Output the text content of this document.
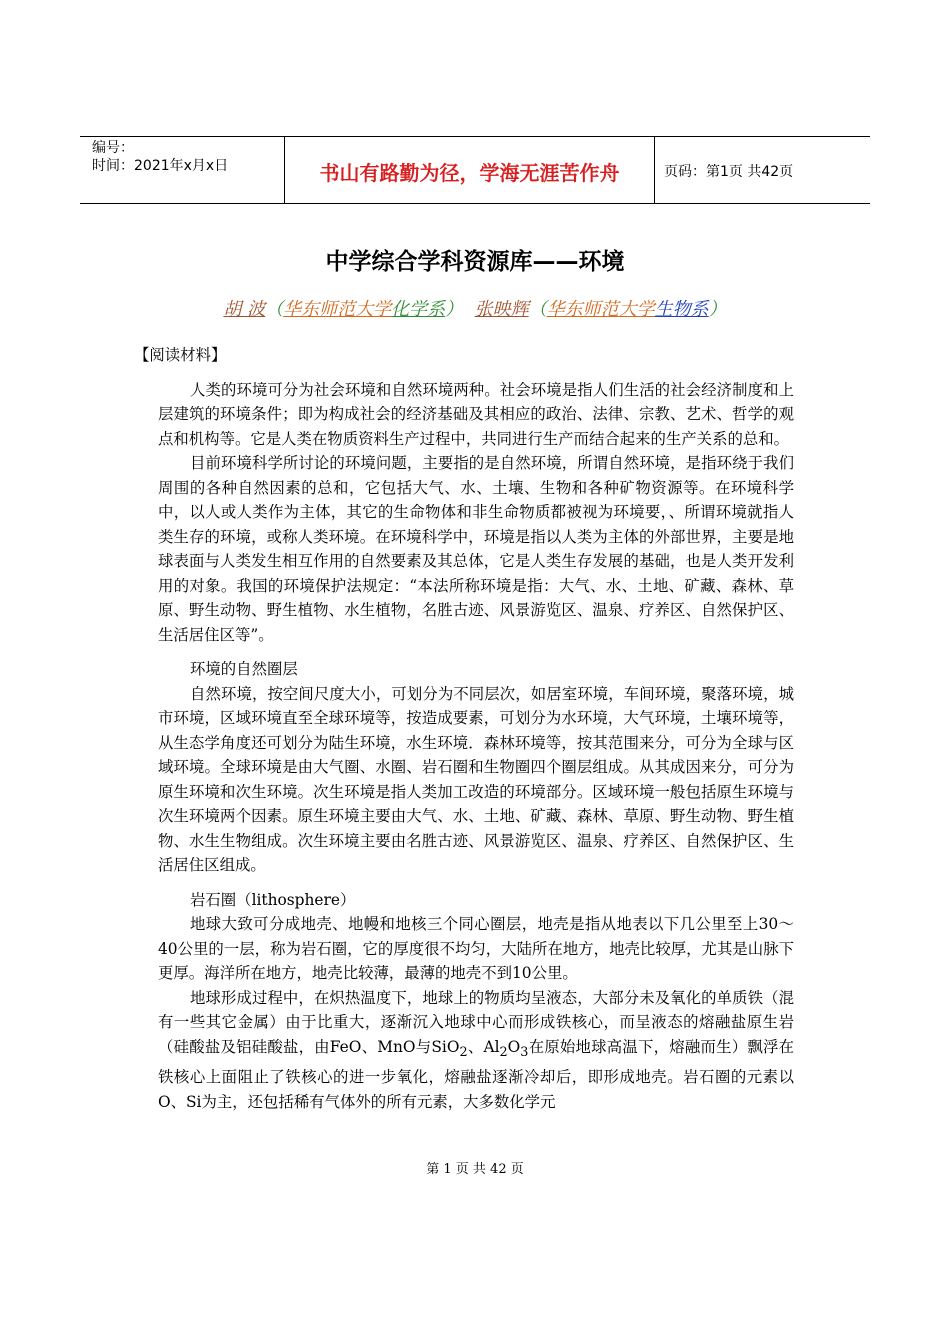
编号：
时间：2021年x月x日	书山有路勤为径，学海无涯苦作舟	页码：第1页 共42页
中学综合学科资源库——环境
胡 波（华东师范大学化学系） 张映辉（华东师范大学生物系）

【阅读材料】

人类的环境可分为社会环境和自然环境两种。社会环境是指人们生活的社会经济制度和上层建筑的环境条件；即为构成社会的经济基础及其相应的政治、法律、宗教、艺术、哲学的观点和机构等。它是人类在物质资料生产过程中，共同进行生产而结合起来的生产关系的总和。

目前环境科学所讨论的环境问题，主要指的是自然环境，所谓自然环境，是指环绕于我们周围的各种自然因素的总和，它包括大气、水、土壤、生物和各种矿物资源等。在环境科学中，以人或人类作为主体，其它的生命物体和非生命物质都被视为环境要，、所谓环境就指人类生存的环境，或称人类环境。在环境科学中，环境是指以人类为主体的外部世界，主要是地球表面与人类发生相互作用的自然要素及其总体，它是人类生存发展的基础，也是人类开发利用的对象。我国的环境保护法规定：“本法所称环境是指：大气、水、土地、矿藏、森林、草原、野生动物、野生植物、水生植物，名胜古迹、风景游览区、温泉、疗养区、自然保护区、生活居住区等”。

环境的自然圈层

自然环境，按空间尺度大小，可划分为不同层次，如居室环境，车间环境，聚落环境，城市环境，区域环境直至全球环境等，按造成要素，可划分为水环境，大气环境，土壤环境等，从生态学角度还可划分为陆生环境，水生环境．森林环境等，按其范围来分，可分为全球与区域环境。全球环境是由大气圈、水圈、岩石圈和生物圈四个圈层组成。从其成因来分，可分为原生环境和次生环境。次生环境是指人类加工改造的环境部分。区域环境一般包括原生环境与次生环境两个因素。原生环境主要由大气、水、土地、矿藏、森林、草原、野生动物、野生植物、水生生物组成。次生环境主要由名胜古迹、风景游览区、温泉、疗养区、自然保护区、生活居住区组成。

岩石圈（lithosphere）

地球大致可分成地壳、地幔和地核三个同心圈层，地壳是指从地表以下几公里至上30～40公里的一层，称为岩石圈，它的厚度很不均匀，大陆所在地方，地壳比较厚，尤其是山脉下更厚。海洋所在地方，地壳比较薄，最薄的地壳不到10公里。

地球形成过程中，在炽热温度下，地球上的物质均呈液态，大部分未及氧化的单质铁（混有一些其它金属）由于比重大，逐渐沉入地球中心而形成铁核心，而呈液态的熔融盐原生岩（硅酸盐及铝硅酸盐，由FeO、MnO与SiO$_2$、$Al_2O_3$在原始地球高温下，熔融而生）飘浮在铁核心上面阻止了铁核心的进一步氧化，熔融盐逐渐冷却后，即形成地壳。岩石圈的元素以O、Si为主，还包括稀有气体外的所有元素，大多数化学元

第 1 页 共 42 页
